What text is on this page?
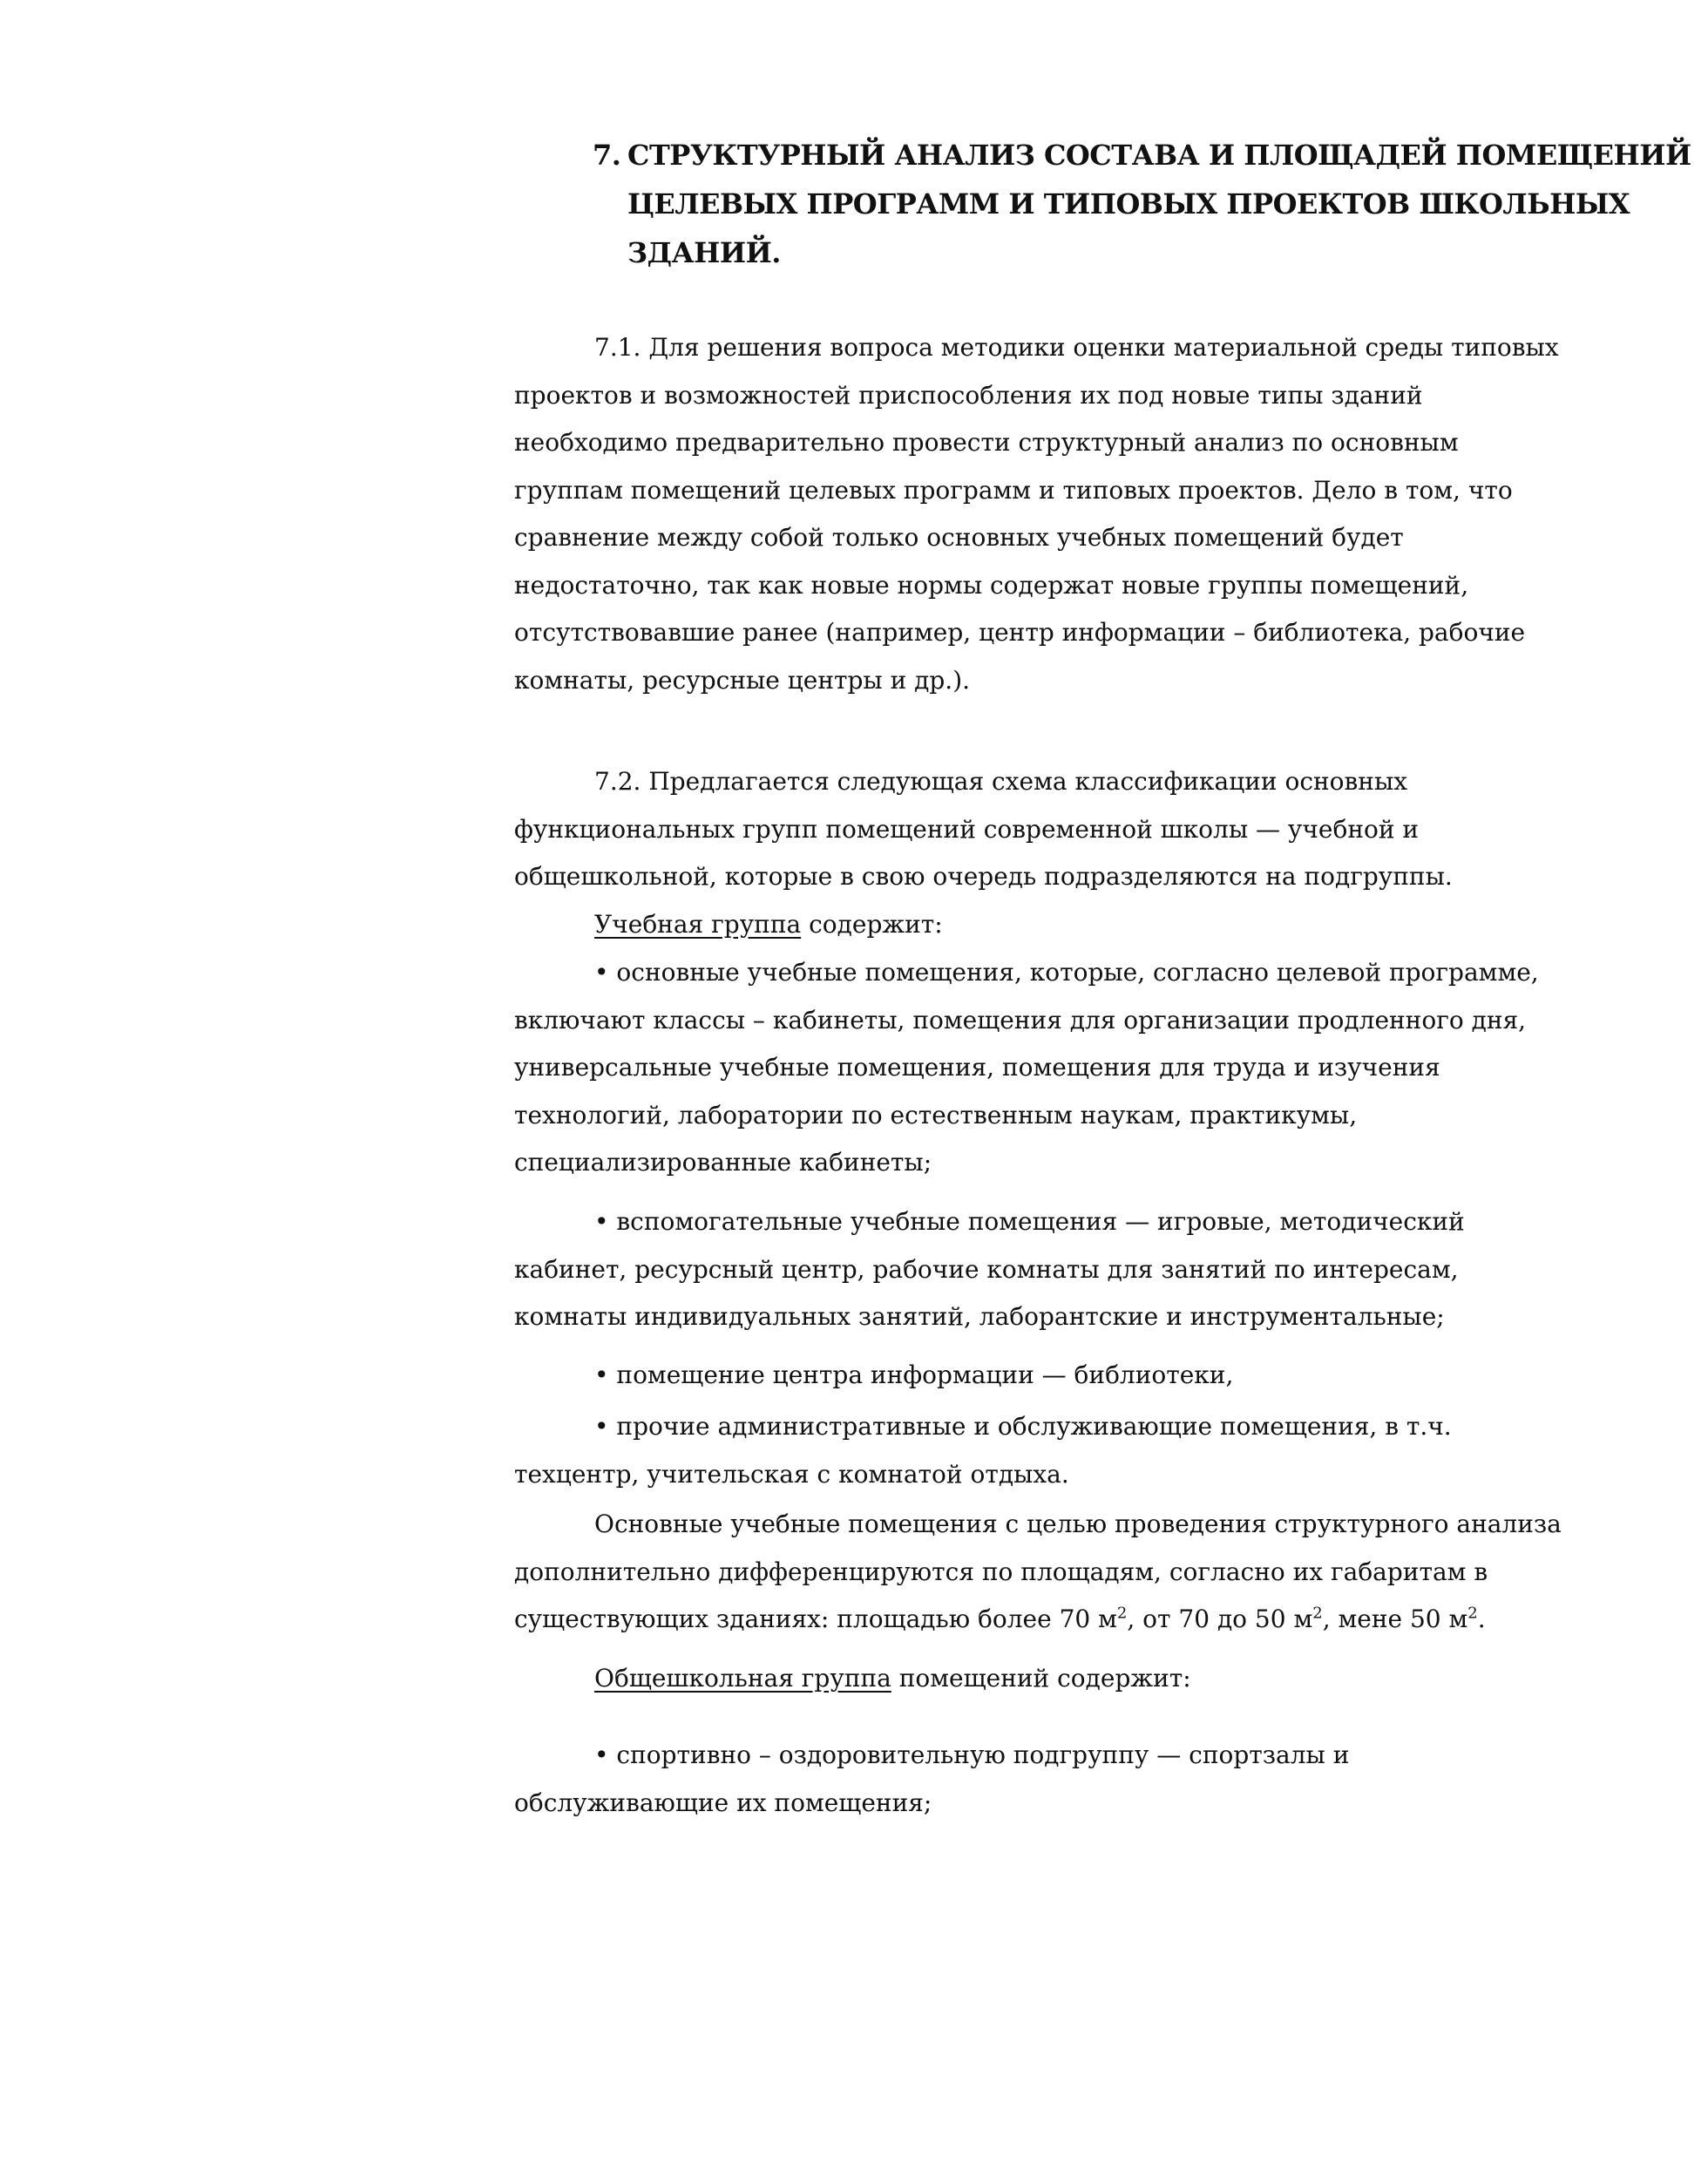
7. СТРУКТУРНЫЙ АНАЛИЗ СОСТАВА И ПЛОЩАДЕЙ ПОМЕЩЕНИЙ
ЦЕЛЕВЫХ ПРОГРАММ И ТИПОВЫХ ПРОЕКТОВ ШКОЛЬНЫХ
ЗДАНИЙ.
7.1. Для решения вопроса методики оценки материальной среды типовых
проектов и возможностей приспособления их под новые типы зданий
необходимо предварительно провести структурный анализ по основным
группам помещений целевых программ и типовых проектов. Дело в том, что
сравнение между собой только основных учебных помещений будет
недостаточно, так как новые нормы содержат новые группы помещений,
отсутствовавшие ранее (например, центр информации – библиотека, рабочие
комнаты, ресурсные центры и др.).
7.2. Предлагается следующая схема классификации основных
функциональных групп помещений современной школы — учебной и
общешкольной, которые в свою очередь подразделяются на подгруппы.
Учебная группа содержит:
• основные учебные помещения, которые, согласно целевой программе,
включают классы – кабинеты, помещения для организации продленного дня,
универсальные учебные помещения, помещения для труда и изучения
технологий, лаборатории по естественным наукам, практикумы,
специализированные кабинеты;
• вспомогательные учебные помещения — игровые, методический
кабинет, ресурсный центр, рабочие комнаты для занятий по интересам,
комнаты индивидуальных занятий, лаборантские и инструментальные;
• помещение центра информации — библиотеки,
• прочие административные и обслуживающие помещения, в т.ч.
техцентр, учительская с комнатой отдыха.
Основные учебные помещения с целью проведения структурного анализа
дополнительно дифференцируются по площадям, согласно их габаритам в
существующих зданиях: площадью более 70 $м^2$, от 70 до 50 $м^2$, мене 50 $м^2$.
Общешкольная группа помещений содержит:
• спортивно – оздоровительную подгруппу — спортзалы и
обслуживающие их помещения;
